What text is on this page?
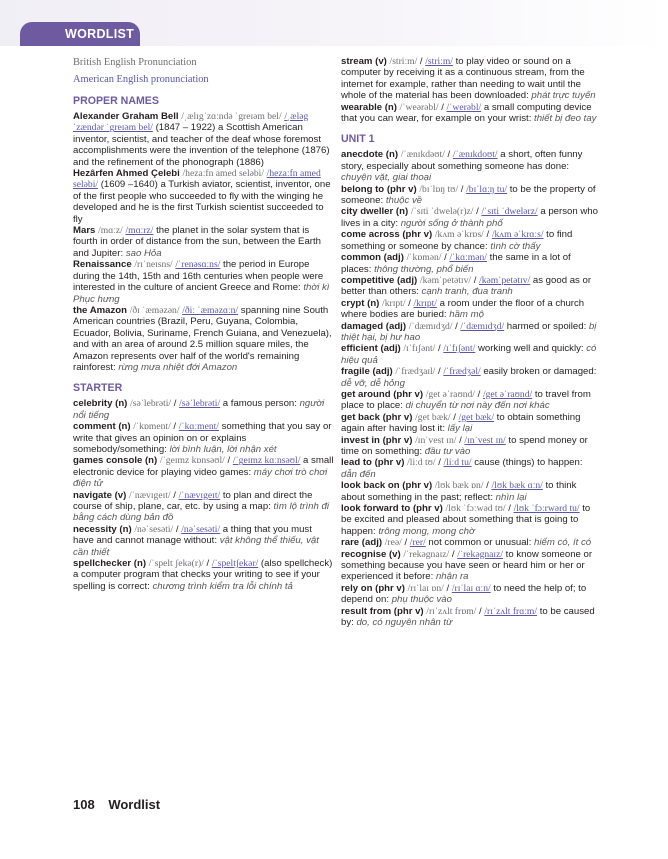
WORDLIST
British English Pronunciation
American English pronunciation
PROPER NAMES

Alexander Graham Bell /ˌælɪgˈzɑːndə ˈgreɪəm bel/ /ˌæləgˈzændər ˈgreɪəm bel/ (1847 – 1922) a Scottish American inventor, scientist, and teacher of the deaf whose foremost accomplishments were the invention of the telephone (1876) and the refinement of the phonograph (1886)

Hezârfen Ahmed Çelebi /hezaːfn amed seləbi/ /hezaːfn amed seləbi/ (1609 –1640) a Turkish aviator, scientist, inventor, one of the first people who succeeded to fly with the winging he developed and he is the first Turkish scientist succeeded to fly

Mars /mɑːz/ /mɑːrz/ the planet in the solar system that is fourth in order of distance from the sun, between the Earth and Jupiter: sao Hỏa

Renaissance /rɪˈneɪsns/ /ˈrenəsɑːns/ the period in Europe during the 14th, 15th and 16th centuries when people were interested in the culture of ancient Greece and Rome: thời kì Phục hưng

the Amazon /ðɪ ˈæməzən/ /ðiː ˈæməzɑːn/ spanning nine South American countries (Brazil, Peru, Guyana, Colombia, Ecuador, Bolivia, Suriname, French Guiana, and Venezuela), and with an area of around 2.5 million square miles, the Amazon represents over half of the world's remaining rainforest: rừng mưa nhiệt đới Amazon

STARTER

celebrity (n) /səˈlebrəti/ / /səˈlebrəti/ a famous person: người nổi tiếng

comment (n) /ˈkɒment/ / /ˈkɑːment/ something that you say or write that gives an opinion on or explains somebody/something: lời bình luận, lời nhận xét

games console (n) /ˈgeɪmz kɒnsəʊl/ / /ˈgeɪmz kɑːnsəʊl/ a small electronic device for playing video games: máy chơi trò chơi điện tử

navigate (v) /ˈnævɪgeɪt/ / /ˈnævɪgeɪt/ to plan and direct the course of ship, plane, car, etc. by using a map: tìm lộ trình đi bằng cách dùng bản đồ

necessity (n) /nəˈsesəti/ / /nəˈsesəti/ a thing that you must have and cannot manage without: vật không thể thiếu, vật cần thiết

spellchecker (n) /ˈspelt ʃekə(r)/ / /ˈspeltʃekər/ (also spellcheck) a computer program that checks your writing to see if your spelling is correct: chương trình kiểm tra lỗi chính tả

stream (v) /striːm/ / /striːm/ to play video or sound on a computer by receiving it as a continuous stream, from the internet for example, rather than needing to wait until the whole of the material has been downloaded: phát trực tuyến

wearable (n) /ˈweərəbl/ / /ˈwerəbl/ a small computing device that you can wear, for example on your wrist: thiết bị đeo tay

UNIT 1

anecdote (n) /ˈænɪkdəʊt/ / /ˈænɪkdoʊt/ a short, often funny story, especially about something someone has done: chuyện vặt, giai thoại

belong to (phr v) /bɪˈlɒŋ tʊ/ / /bɪˈlɑːŋ tu/ to be the property of someone: thuộc về

city dweller (n) /ˈsɪti ˈdwelə(r)z/ / /ˈsɪti ˈdwelərz/ a person who lives in a city: người sống ở thành phố

come across (phr v) /kʌm əˈkrɒs/ / /kʌm əˈkrɑːs/ to find something or someone by chance: tình cờ thấy

common (adj) /ˈkɒmən/ / /ˈkɑːmən/ the same in a lot of places: thông thường, phổ biến

competitive (adj) /kəmˈpetətɪv/ / /kəmˈpetətɪv/ as good as or better than others: cạnh tranh, đua tranh

crypt (n) /krɪpt/ / /krɪpt/ a room under the floor of a church where bodies are buried: hầm mộ

damaged (adj) /ˈdæmɪdʒd/ / /ˈdæmɪdʒd/ harmed or spoiled: bị thiệt hại, bị hư hao

efficient (adj) /ɪˈfɪʃənt/ / /ɪˈfɪʃənt/ working well and quickly: có hiệu quả

fragile (adj) /ˈfrædʒaɪl/ / /ˈfrædʒəl/ easily broken or damaged: dễ vỡ, dễ hỏng

get around (phr v) /get əˈraʊnd/ / /get əˈraʊnd/ to travel from place to place: di chuyển từ nơi này đến nơi khác

get back (phr v) /get bæk/ / /get bæk/ to obtain something again after having lost it: lấy lại

invest in (phr v) /ɪnˈvest ɪn/ / /ɪnˈvest ɪn/ to spend money or time on something: đầu tư vào

lead to (phr v) /liːd tʊ/ / /liːd tu/ cause (things) to happen: dẫn đến

look back on (phr v) /lʊk bæk ɒn/ / /lʊk bæk ɑːn/ to think about something in the past; reflect: nhìn lại

look forward to (phr v) /lʊk ˈfɔːwəd tʊ/ / /lʊk ˈfɔːrwərd tu/ to be excited and pleased about something that is going to happen: trông mong, mong chờ

rare (adj) /reə/ / /rer/ not common or unusual: hiếm có, ít có

recognise (v) /ˈrekəgnaɪz/ / /ˈrekəgnaɪz/ to know someone or something because you have seen or heard him or her or experienced it before: nhận ra

rely on (phr v) /rɪˈlaɪ ɒn/ / /rɪˈlaɪ ɑːn/ to need the help of; to depend on: phụ thuộc vào

result from (phr v) /rɪˈzʌlt frɒm/ / /rɪˈzʌlt frɑːm/ to be caused by: do, có nguyên nhân từ

108 Wordlist
